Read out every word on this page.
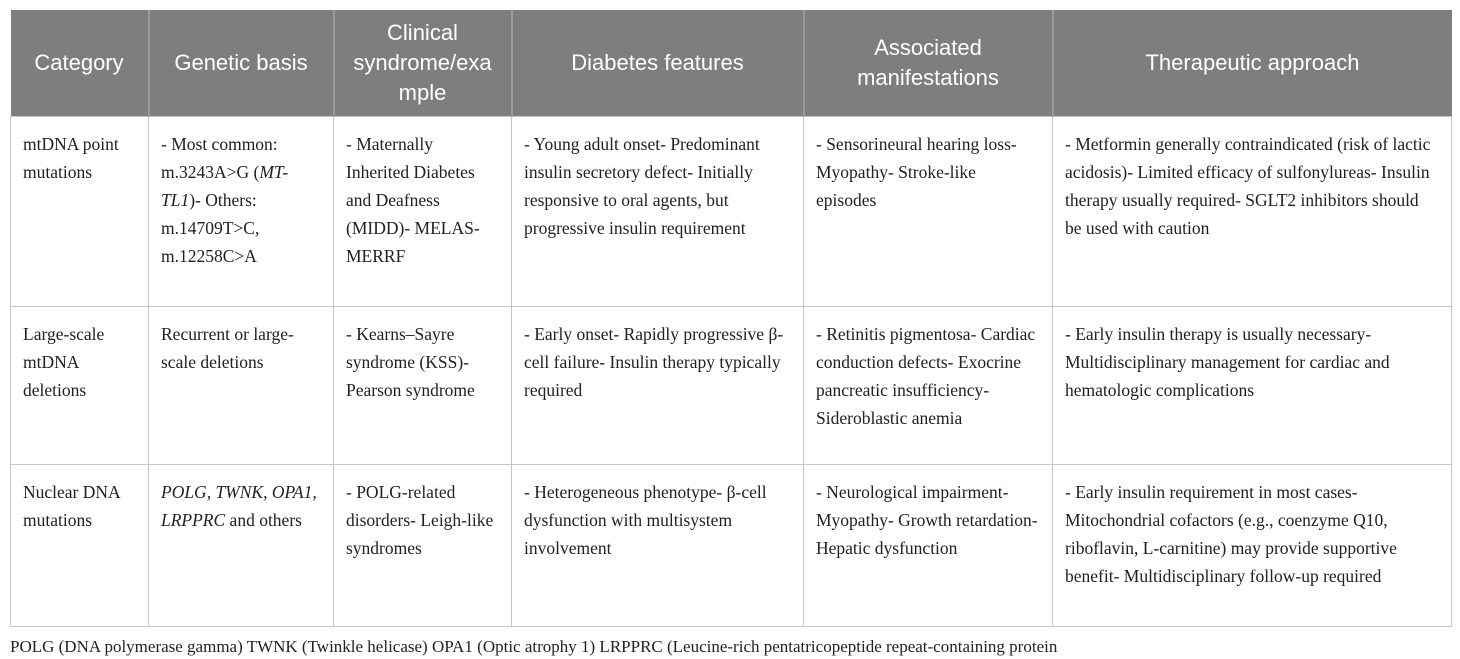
Category	Genetic basis	Clinical syndrome/example	Diabetes features	Associated manifestations	Therapeutic approach
mtDNA point mutations	- Most common: m.3243A>G (MT-TL1)- Others: m.14709T>C, m.12258C>A	- Maternally Inherited Diabetes and Deafness (MIDD)- MELAS- MERRF	- Young adult onset- Predominant insulin secretory defect- Initially responsive to oral agents, but progressive insulin requirement	- Sensorineural hearing loss- Myopathy- Stroke-like episodes	- Metformin generally contraindicated (risk of lactic acidosis)- Limited efficacy of sulfonylureas- Insulin therapy usually required- SGLT2 inhibitors should be used with caution
Large-scale mtDNA deletions	Recurrent or large-scale deletions	- Kearns–Sayre syndrome (KSS)- Pearson syndrome	- Early onset- Rapidly progressive β-cell failure- Insulin therapy typically required	- Retinitis pigmentosa- Cardiac conduction defects- Exocrine pancreatic insufficiency- Sideroblastic anemia	- Early insulin therapy is usually necessary- Multidisciplinary management for cardiac and hematologic complications
Nuclear DNA mutations	POLG, TWNK, OPA1, LRPPRC and others	- POLG-related disorders- Leigh-like syndromes	- Heterogeneous phenotype- β-cell dysfunction with multisystem involvement	- Neurological impairment- Myopathy- Growth retardation- Hepatic dysfunction	- Early insulin requirement in most cases- Mitochondrial cofactors (e.g., coenzyme Q10, riboflavin, L-carnitine) may provide supportive benefit- Multidisciplinary follow-up required

POLG (DNA polymerase gamma) TWNK (Twinkle helicase) OPA1 (Optic atrophy 1) LRPPRC (Leucine-rich pentatricopeptide repeat-containing protein
